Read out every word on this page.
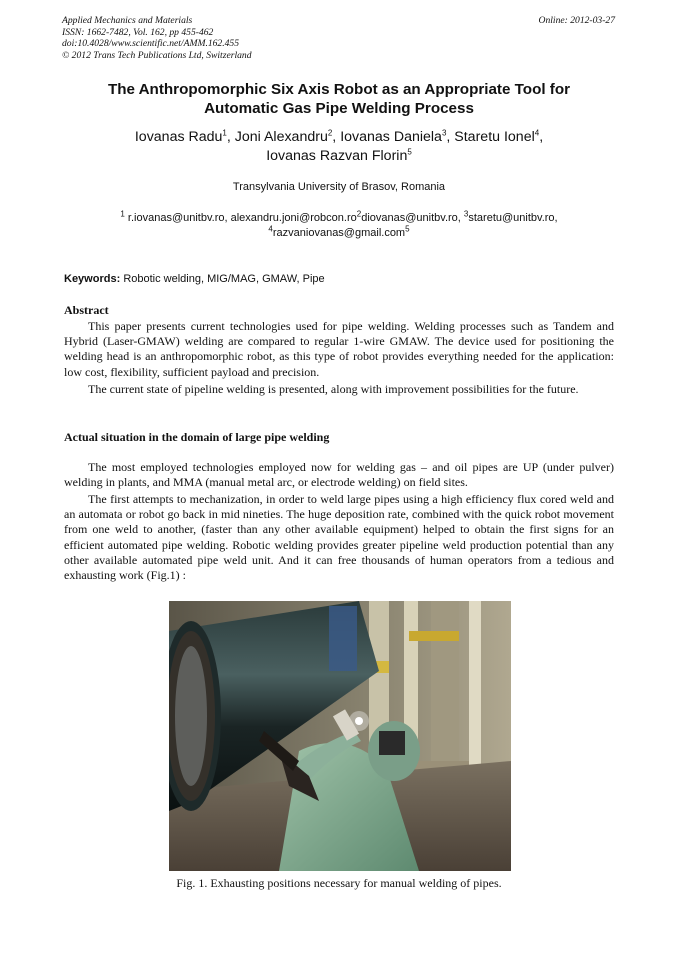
Applied Mechanics and Materials
ISSN: 1662-7482, Vol. 162, pp 455-462
doi:10.4028/www.scientific.net/AMM.162.455
© 2012 Trans Tech Publications Ltd, Switzerland
Online: 2012-03-27
The Anthropomorphic Six Axis Robot as an Appropriate Tool for
Automatic Gas Pipe Welding Process
Iovanas Radu$^1$, Joni Alexandru$^2$, Iovanas Daniela$^3$, Staretu Ionel$^4$,
Iovanas Razvan Florin$^5$
Transylvania University of Brasov, Romania
$^1$ r.iovanas@unitbv.ro, $alexandru.joni@robcon.ro^2diovanas@unitbv.ro$, $^3$staretu@unitbv.ro,
$^4$razvaniovanas@gmail.com$^5$
Keywords: Robotic welding, MIG/MAG, GMAW, Pipe
Abstract

This paper presents current technologies used for pipe welding. Welding processes such as Tandem and Hybrid (Laser-GMAW) welding are compared to regular 1-wire GMAW. The device used for positioning the welding head is an anthropomorphic robot, as this type of robot provides everything needed for the application: low cost, flexibility, sufficient payload and precision.

The current state of pipeline welding is presented, along with improvement possibilities for the future.

Actual situation in the domain of large pipe welding

The most employed technologies employed now for welding gas – and oil pipes are UP (under pulver) welding in plants, and MMA (manual metal arc, or electrode welding) on field sites.

The first attempts to mechanization, in order to weld large pipes using a high efficiency flux cored weld and an automata or robot go back in mid nineties. The huge deposition rate, combined with the quick robot movement from one weld to another, (faster than any other available equipment) helped to obtain the first signs for an efficient automated pipe welding. Robotic welding provides greater pipeline weld production potential than any other available automated pipe weld unit. And it can free thousands of human operators from a tedious and exhausting work (Fig.1) :

Fig. 1. Exhausting positions necessary for manual welding of pipes.
